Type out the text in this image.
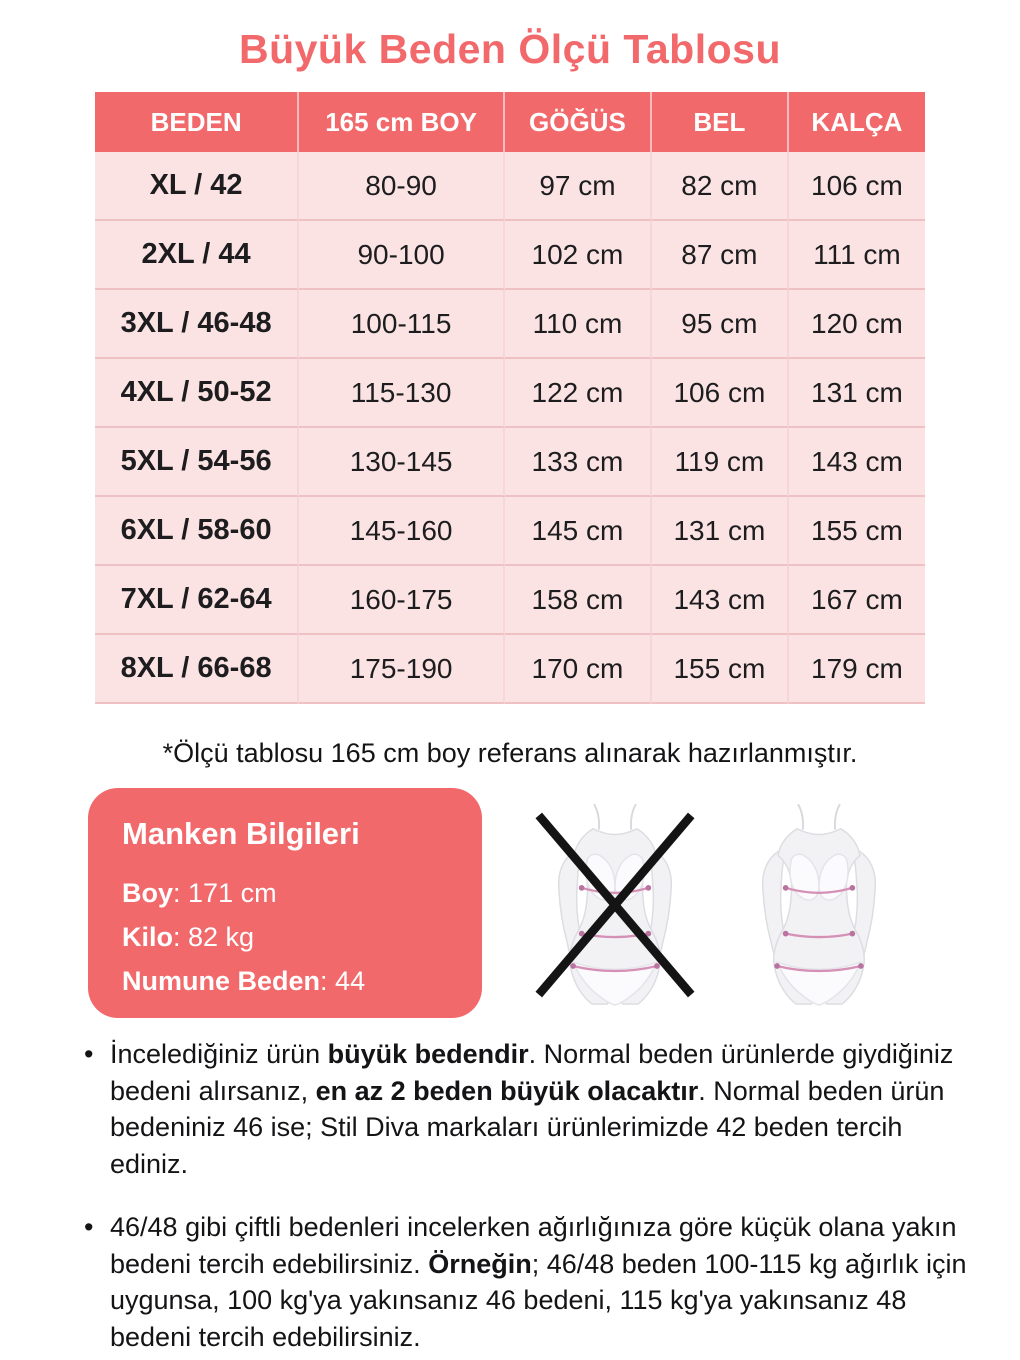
Büyük Beden Ölçü Tablosu
BEDEN	165 cm BOY	GÖĞÜS	BEL	KALÇA
XL / 42	80-90	97 cm	82 cm	106 cm
2XL / 44	90-100	102 cm	87 cm	111 cm
3XL / 46-48	100-115	110 cm	95 cm	120 cm
4XL / 50-52	115-130	122 cm	106 cm	131 cm
5XL / 54-56	130-145	133 cm	119 cm	143 cm
6XL / 58-60	145-160	145 cm	131 cm	155 cm
7XL / 62-64	160-175	158 cm	143 cm	167 cm
8XL / 66-68	175-190	170 cm	155 cm	179 cm

*Ölçü tablosu 165 cm boy referans alınarak hazırlanmıştır.

Manken Bilgileri
Boy: 171 cm
Kilo: 82 kg
Numune Beden: 44
• İncelediğiniz ürün büyük bedendir. Normal beden ürünlerde giydiğiniz bedeni alırsanız, en az 2 beden büyük olacaktır. Normal beden ürün bedeniniz 46 ise; Stil Diva markaları ürünlerimizde 42 beden tercih ediniz.
• 46/48 gibi çiftli bedenleri incelerken ağırlığınıza göre küçük olana yakın bedeni tercih edebilirsiniz. Örneğin; 46/48 beden 100-115 kg ağırlık için uygunsa, 100 kg'ya yakınsanız 46 bedeni, 115 kg'ya yakınsanız 48 bedeni tercih edebilirsiniz.
